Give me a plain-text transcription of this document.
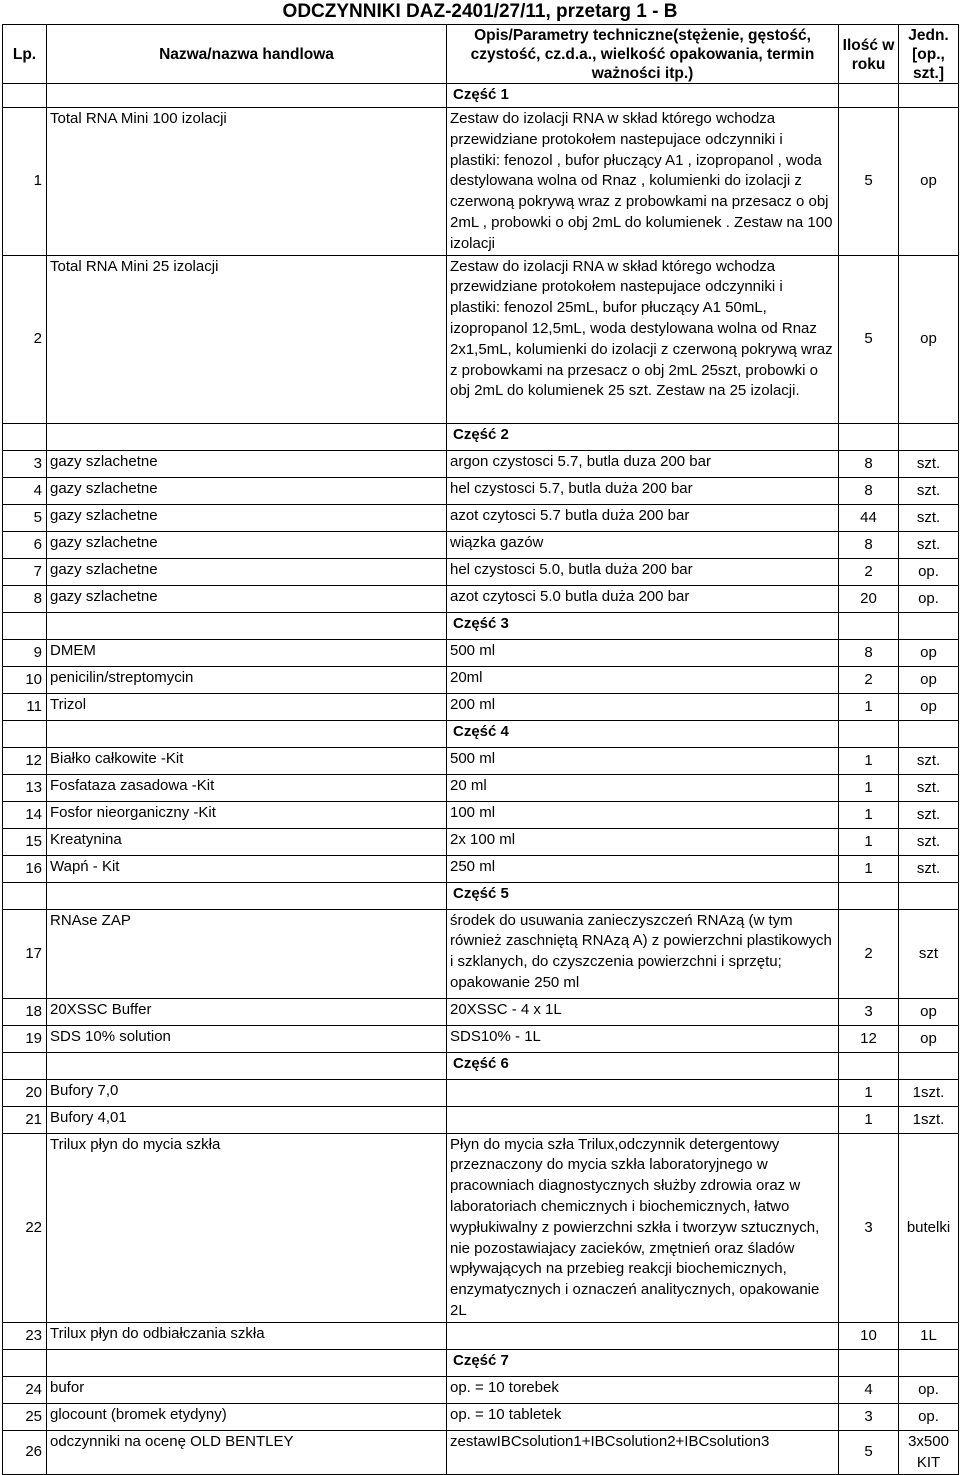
ODCZYNNIKI DAZ-2401/27/11, przetarg 1 - B
Lp.	Nazwa/nazwa handlowa	Opis/Parametry techniczne(stężenie, gęstość, czystość, cz.d.a., wielkość opakowania, termin ważności itp.)	Ilość w roku	Jedn. [op., szt.]
		Część 1		
1	Total RNA Mini 100 izolacji	Zestaw do izolacji RNA w skład którego wchodza przewidziane protokołem nastepujace odczynniki i plastiki: fenozol , bufor płuczący A1 , izopropanol , woda destylowana wolna od Rnaz , kolumienki do izolacji z czerwoną pokrywą wraz z probowkami na przesacz o obj 2mL , probowki o obj 2mL do kolumienek . Zestaw na 100 izolacji	5	op
2	Total RNA Mini 25 izolacji	Zestaw do izolacji RNA w skład którego wchodza przewidziane protokołem nastepujace odczynniki i plastiki: fenozol 25mL, bufor płuczący A1 50mL, izopropanol 12,5mL, woda destylowana wolna od Rnaz 2x1,5mL, kolumienki do izolacji z czerwoną pokrywą wraz z probowkami na przesacz o obj 2mL 25szt, probowki o obj 2mL do kolumienek 25 szt. Zestaw na 25 izolacji.	5	op
		Część 2		
3	gazy szlachetne	argon czystosci 5.7, butla duza 200 bar	8	szt.
4	gazy szlachetne	hel czystosci 5.7, butla duża 200 bar	8	szt.
5	gazy szlachetne	azot czytosci 5.7 butla duża 200 bar	44	szt.
6	gazy szlachetne	wiązka gazów	8	szt.
7	gazy szlachetne	hel czystosci 5.0, butla duża 200 bar	2	op.
8	gazy szlachetne	azot czytosci 5.0 butla duża 200 bar	20	op.
		Część 3		
9	DMEM	500 ml	8	op
10	penicilin/streptomycin	20ml	2	op
11	Trizol	200 ml	1	op
		Część 4		
12	Białko całkowite -Kit	500 ml	1	szt.
13	Fosfataza zasadowa -Kit	20 ml	1	szt.
14	Fosfor nieorganiczny -Kit	100 ml	1	szt.
15	Kreatynina	2x 100 ml	1	szt.
16	Wapń - Kit	250 ml	1	szt.
		Część 5		
17	RNAse ZAP	środek do usuwania zanieczyszczeń RNAzą (w tym również zaschniętą RNAzą A) z powierzchni plastikowych i szklanych, do czyszczenia powierzchni i sprzętu; opakowanie 250 ml	2	szt
18	20XSSC Buffer	20XSSC - 4 x 1L	3	op
19	SDS 10% solution	SDS10% - 1L	12	op
		Część 6		
20	Bufory 7,0		1	1szt.
21	Bufory 4,01		1	1szt.
22	Trilux płyn do mycia szkła	Płyn do mycia szła Trilux,odczynnik detergentowy przeznaczony do mycia szkła laboratoryjnego w pracowniach diagnostycznych służby zdrowia oraz w laboratoriach chemicznych i biochemicznych, łatwo wypłukiwalny z powierzchni szkła i tworzyw sztucznych, nie pozostawiajacy zacieków, zmętnień oraz śladów wpływających na przebieg reakcji biochemicznych, enzymatycznych i oznaczeń analitycznych, opakowanie 2L	3	butelki
23	Trilux płyn do odbiałczania szkła		10	1L
		Część 7		
24	bufor	op. = 10 torebek	4	op.
25	glocount (bromek etydyny)	op. = 10 tabletek	3	op.
26	odczynniki na ocenę OLD BENTLEY	zestawIBCsolution1+IBCsolution2+IBCsolution3	5	3x500 KIT
